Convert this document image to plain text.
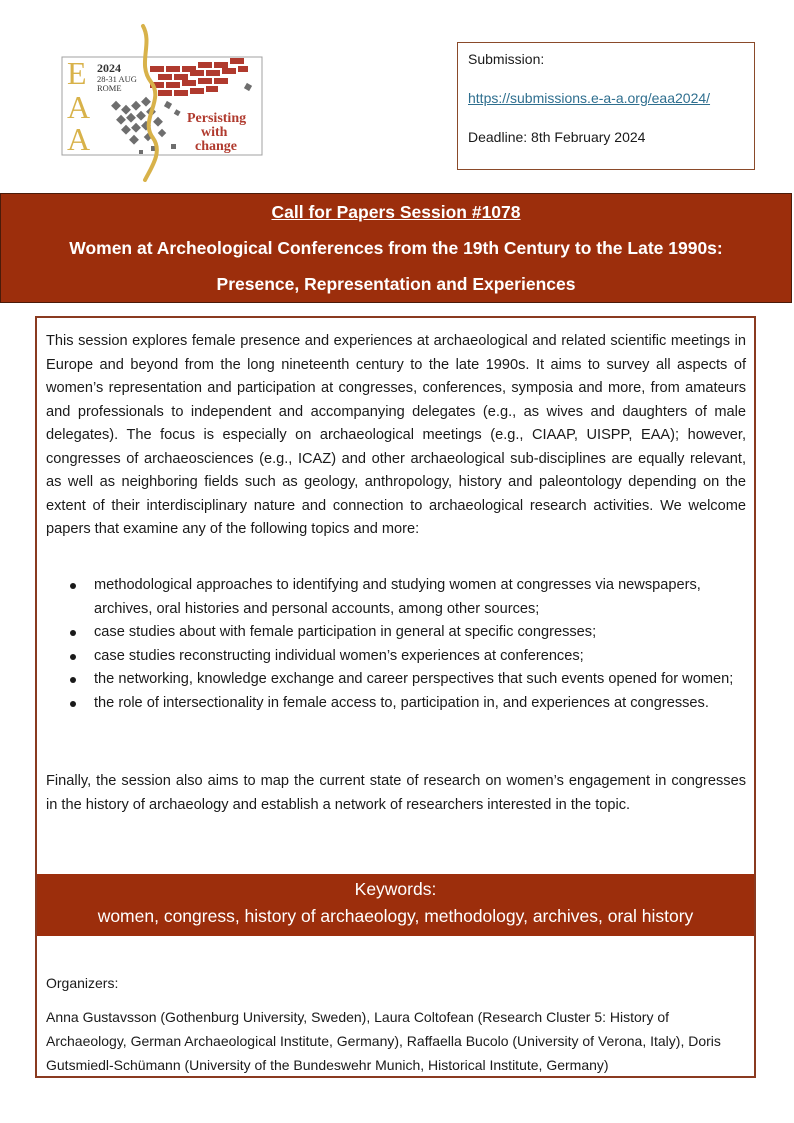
E
A
A
2024
28-31 AUG
ROME
Persisting
with
change

Submission:

https://submissions.e-a-a.org/eaa2024/

Deadline: 8th February 2024

Call for Papers Session #1078
Women at Archeological Conferences from the 19th Century to the Late 1990s:
Presence, Representation and Experiences

This session explores female presence and experiences at archaeological and related scientific meetings in Europe and beyond from the long nineteenth century to the late 1990s. It aims to survey all aspects of women’s representation and participation at congresses, conferences, symposia and more, from amateurs and professionals to independent and accompanying delegates (e.g., as wives and daughters of male delegates). The focus is especially on archaeological meetings (e.g., CIAAP, UISPP, EAA); however, congresses of archaeosciences (e.g., ICAZ) and other archaeological sub-disciplines are equally relevant, as well as neighboring fields such as geology, anthropology, history and paleontology depending on the extent of their interdisciplinary nature and connection to archaeological research activities. We welcome papers that examine any of the following topics and more:

methodological approaches to identifying and studying women at congresses via newspapers, archives, oral histories and personal accounts, among other sources;
case studies about with female participation in general at specific congresses;
case studies reconstructing individual women’s experiences at conferences;
the networking, knowledge exchange and career perspectives that such events opened for women;
the role of intersectionality in female access to, participation in, and experiences at congresses.

Finally, the session also aims to map the current state of research on women’s engagement in congresses in the history of archaeology and establish a network of researchers interested in the topic.

Keywords:
women, congress, history of archaeology, methodology, archives, oral history

Organizers:

Anna Gustavsson (Gothenburg University, Sweden), Laura Coltofean (Research Cluster 5: History of Archaeology, German Archaeological Institute, Germany), Raffaella Bucolo (University of Verona, Italy), Doris Gutsmiedl-Schümann (University of the Bundeswehr Munich, Historical Institute, Germany)
